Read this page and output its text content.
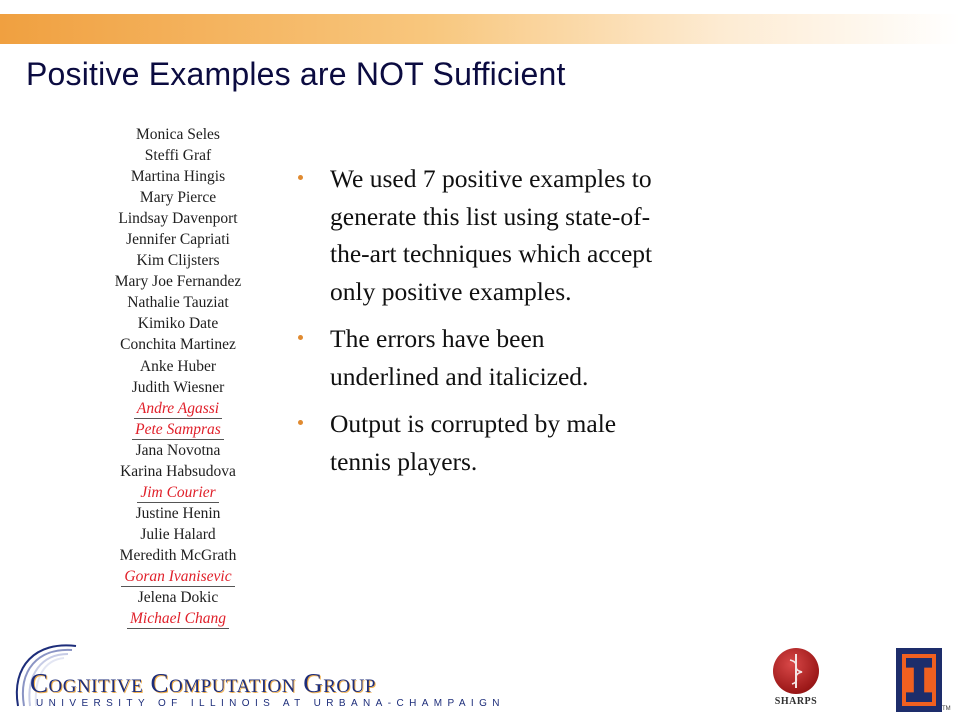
Positive Examples are NOT Sufficient
Monica Seles
Steffi Graf
Martina Hingis
Mary Pierce
Lindsay Davenport
Jennifer Capriati
Kim Clijsters
Mary Joe Fernandez
Nathalie Tauziat
Kimiko Date
Conchita Martinez
Anke Huber
Judith Wiesner
Andre Agassi
Pete Sampras
Jana Novotna
Karina Habsudova
Jim Courier
Justine Henin
Julie Halard
Meredith McGrath
Goran Ivanisevic
Jelena Dokic
Michael Chang
We used 7 positive examples to generate this list using state-of-the-art techniques which accept only positive examples.
The errors have been underlined and italicized.
Output is corrupted by male tennis players.
Cognitive Computation Group
UNIVERSITY OF ILLINOIS AT URBANA-CHAMPAIGN	SHARPS
TM
